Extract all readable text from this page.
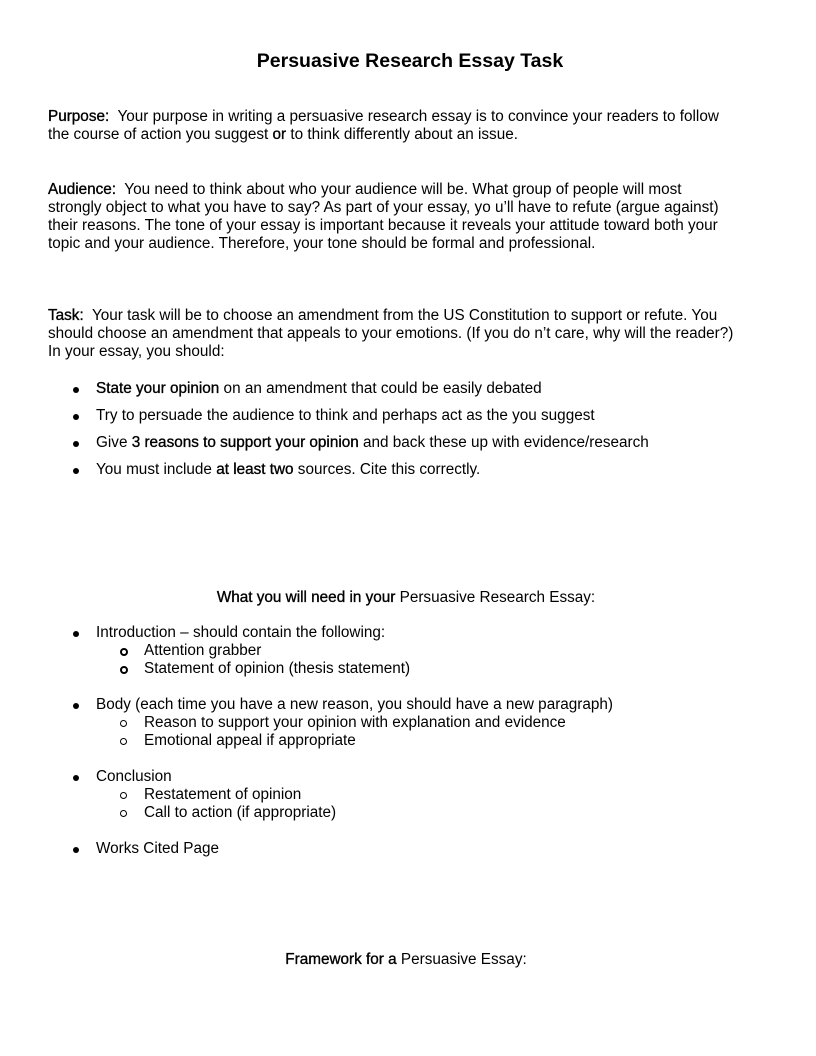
Persuasive Research Essay Task
Purpose: Your purpose in writing a persuasive research essay is to convince your readers to follow
the course of action you suggest or to think differently about an issue.
Audience: You need to think about who your audience will be. What group of people will most
strongly object to what you have to say? As part of your essay, yo u’ll have to refute (argue against)
their reasons. The tone of your essay is important because it reveals your attitude toward both your
topic and your audience. Therefore, your tone should be formal and professional.
Task: Your task will be to choose an amendment from the US Constitution to support or refute. You
should choose an amendment that appeals to your emotions. (If you do n’t care, why will the reader?)
In your essay, you should:
State your opinion on an amendment that could be easily debated
Try to persuade the audience to think and perhaps act as the you suggest
Give 3 reasons to support your opinion and back these up with evidence/research
You must include at least two sources. Cite this correctly.
What you will need in your Persuasive Research Essay:
Introduction – should contain the following:
Attention grabber
Statement of opinion (thesis statement)
Body (each time you have a new reason, you should have a new paragraph)
Reason to support your opinion with explanation and evidence
Emotional appeal if appropriate
Conclusion
Restatement of opinion
Call to action (if appropriate)
Works Cited Page
Framework for a Persuasive Essay:
